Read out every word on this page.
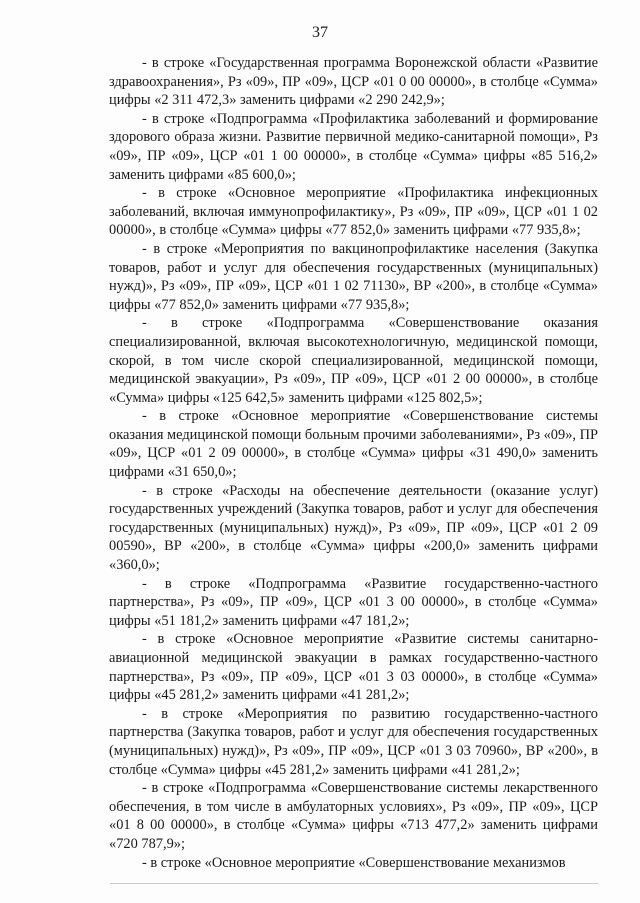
37

- в строке «Государственная программа Воронежской области «Развитие здравоохранения», Рз «09», ПР «09», ЦСР «01 0 00 00000», в столбце «Сумма» цифры «2 311 472,3» заменить цифрами «2 290 242,9»;

- в строке «Подпрограмма «Профилактика заболеваний и формирование здорового образа жизни. Развитие первичной медико-санитарной помощи», Рз «09», ПР «09», ЦСР «01 1 00 00000», в столбце «Сумма» цифры «85 516,2» заменить цифрами «85 600,0»;

- в строке «Основное мероприятие «Профилактика инфекционных заболеваний, включая иммунопрофилактику», Рз «09», ПР «09», ЦСР «01 1 02 00000», в столбце «Сумма» цифры «77 852,0» заменить цифрами «77 935,8»;

- в строке «Мероприятия по вакцинопрофилактике населения (Закупка товаров, работ и услуг для обеспечения государственных (муниципальных) нужд)», Рз «09», ПР «09», ЦСР «01 1 02 71130», ВР «200», в столбце «Сумма» цифры «77 852,0» заменить цифрами «77 935,8»;

- в строке «Подпрограмма «Совершенствование оказания специализированной, включая высокотехнологичную, медицинской помощи, скорой, в том числе скорой специализированной, медицинской помощи, медицинской эвакуации», Рз «09», ПР «09», ЦСР «01 2 00 00000», в столбце «Сумма» цифры «125 642,5» заменить цифрами «125 802,5»;

- в строке «Основное мероприятие «Совершенствование системы оказания медицинской помощи больным прочими заболеваниями», Рз «09», ПР «09», ЦСР «01 2 09 00000», в столбце «Сумма» цифры «31 490,0» заменить цифрами «31 650,0»;

- в строке «Расходы на обеспечение деятельности (оказание услуг) государственных учреждений (Закупка товаров, работ и услуг для обеспечения государственных (муниципальных) нужд)», Рз «09», ПР «09», ЦСР «01 2 09 00590», ВР «200», в столбце «Сумма» цифры «200,0» заменить цифрами «360,0»;

- в строке «Подпрограмма «Развитие государственно-частного партнерства», Рз «09», ПР «09», ЦСР «01 3 00 00000», в столбце «Сумма» цифры «51 181,2» заменить цифрами «47 181,2»;

- в строке «Основное мероприятие «Развитие системы санитарно-авиационной медицинской эвакуации в рамках государственно-частного партнерства», Рз «09», ПР «09», ЦСР «01 3 03 00000», в столбце «Сумма» цифры «45 281,2» заменить цифрами «41 281,2»;

- в строке «Мероприятия по развитию государственно-частного партнерства (Закупка товаров, работ и услуг для обеспечения государственных (муниципальных) нужд)», Рз «09», ПР «09», ЦСР «01 3 03 70960», ВР «200», в столбце «Сумма» цифры «45 281,2» заменить цифрами «41 281,2»;

- в строке «Подпрограмма «Совершенствование системы лекарственного обеспечения, в том числе в амбулаторных условиях», Рз «09», ПР «09», ЦСР «01 8 00 00000», в столбце «Сумма» цифры «713 477,2» заменить цифрами «720 787,9»;

- в строке «Основное мероприятие «Совершенствование механизмов
